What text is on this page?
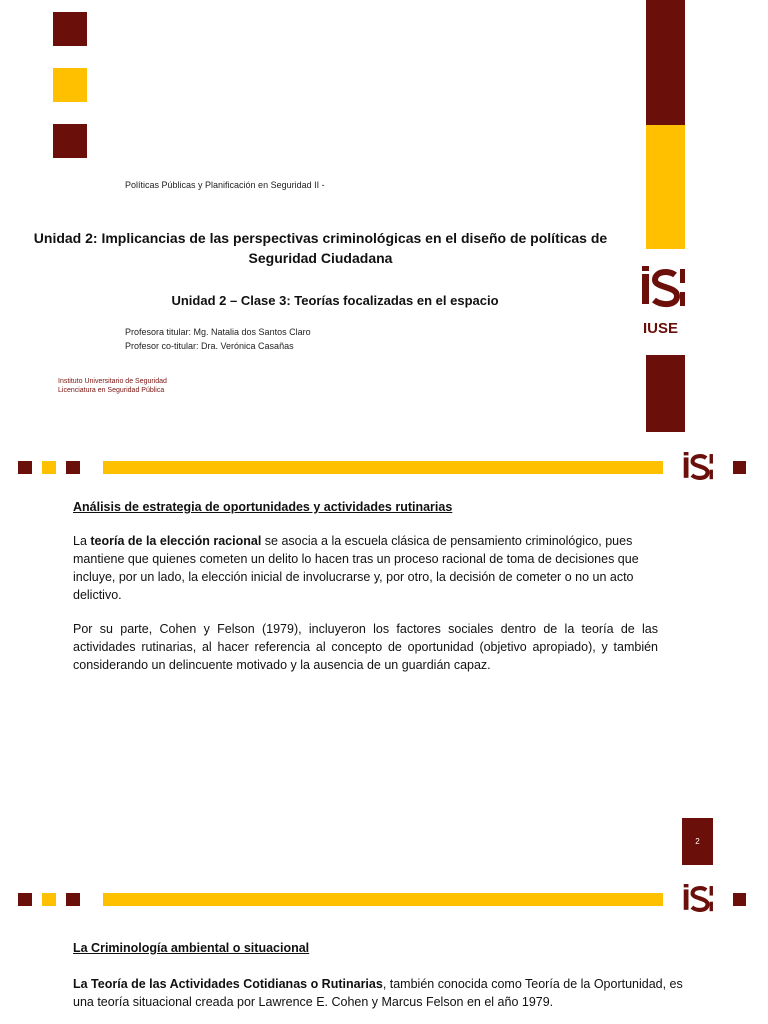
IUSE
Políticas Públicas y Planificación en Seguridad II -
Unidad 2: Implicancias de las perspectivas criminológicas en el diseño de políticas de Seguridad Ciudadana
Unidad 2 – Clase 3: Teorías focalizadas en el espacio
Profesora titular: Mg. Natalia dos Santos Claro
Profesor co-titular: Dra. Verónica Casañas
Instituto Universitario de Seguridad
Licenciatura en Seguridad Pública
Análisis de estrategia de oportunidades y actividades rutinarias
La teoría de la elección racional se asocia a la escuela clásica de pensamiento criminológico, pues mantiene que quienes cometen un delito lo hacen tras un proceso racional de toma de decisiones que incluye, por un lado, la elección inicial de involucrarse y, por otro, la decisión de cometer o no un acto delictivo.
Por su parte, Cohen y Felson (1979), incluyeron los factores sociales dentro de la teoría de las actividades rutinarias, al hacer referencia al concepto de oportunidad (objetivo apropiado), y también considerando un delincuente motivado y la ausencia de un guardián capaz.
2
La Criminología ambiental o situacional
La Teoría de las Actividades Cotidianas o Rutinarias, también conocida como Teoría de la Oportunidad, es una teoría situacional creada por Lawrence E. Cohen y Marcus Felson en el año 1979.
